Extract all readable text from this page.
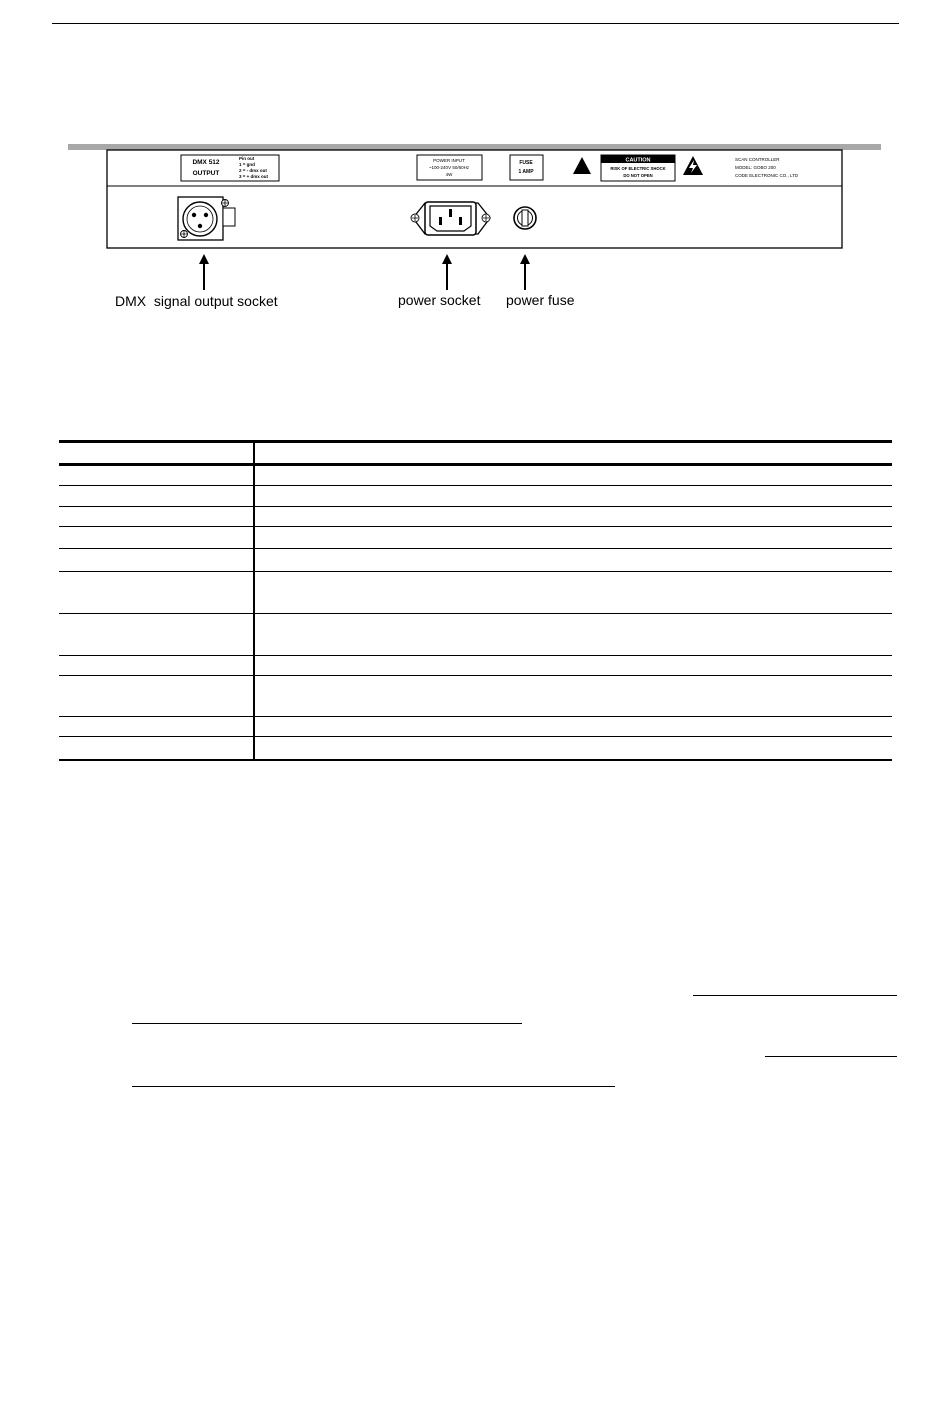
DMX 512
OUTPUT
Pin out
1 = gnd
2 = - dmx out
3 = + dmx out
POWER INPUT
~100-240V 50/60Hz
4W
FUSE
1 AMP
CAUTION
RISK OF ELECTRIC SHOCK
DO NOT OPEN
SCAN CONTROLLER
MODEL: GOBO 200
CODE ELECTRONIC CO., LTD
DMX  signal output socket	power socket power fuse
